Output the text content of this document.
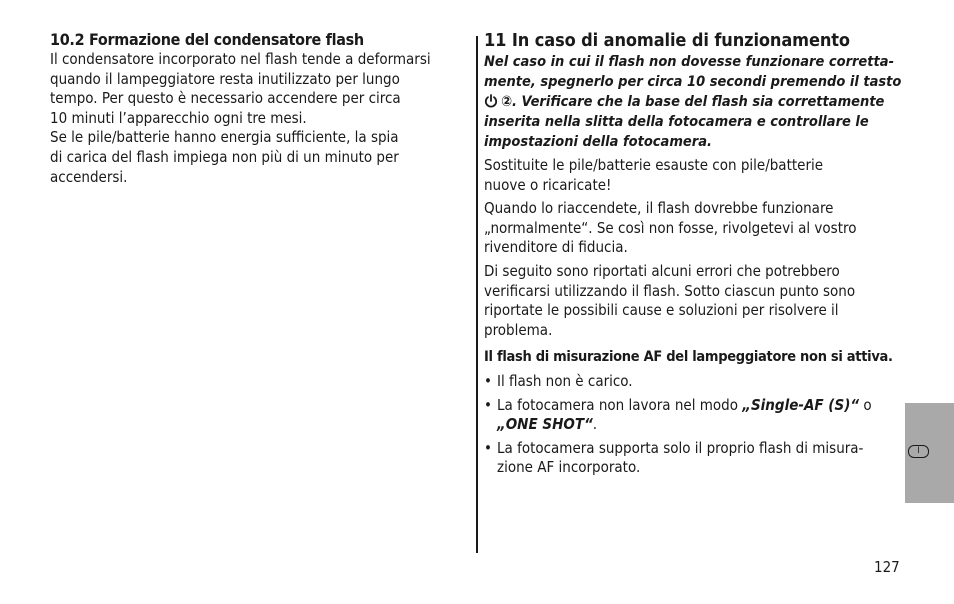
10.2 Formazione del condensatore flash
Il condensatore incorporato nel flash tende a deformarsi
quando il lampeggiatore resta inutilizzato per lungo
tempo. Per questo è necessario accendere per circa
10 minuti l’apparecchio ogni tre mesi.
Se le pile/batterie hanno energia sufficiente, la spia
di carica del flash impiega non più di un minuto per
accendersi.
11 In caso di anomalie di funzionamento
Nel caso in cui il flash non dovesse funzionare corretta-
mente, spegnerlo per circa 10 secondi premendo il tasto
②. Verificare che la base del flash sia correttamente
inserita nella slitta della fotocamera e controllare le
impostazioni della fotocamera.
Sostituite le pile/batterie esauste con pile/batterie
nuove o ricaricate!
Quando lo riaccendete, il flash dovrebbe funzionare
„normalmente“. Se così non fosse, rivolgetevi al vostro
rivenditore di fiducia.
Di seguito sono riportati alcuni errori che potrebbero
verificarsi utilizzando il flash. Sotto ciascun punto sono
riportate le possibili cause e soluzioni per risolvere il
problema.
Il flash di misurazione AF del lampeggiatore non si attiva.
• Il flash non è carico.
• La fotocamera non lavora nel modo „Single-AF (S)“ o
„ONE SHOT“.
• La fotocamera supporta solo il proprio flash di misura-
zione AF incorporato.
I
127
